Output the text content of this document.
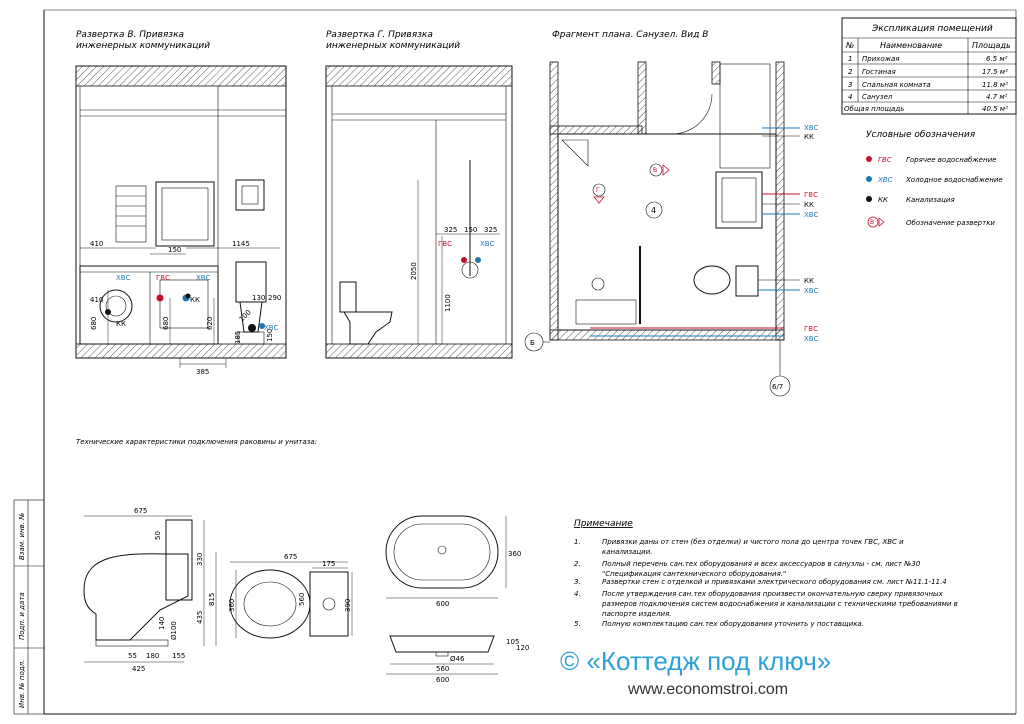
Взам. инв. №
Подп. и дата
Инв. № подл.
Развертка В. Привязка
инженерных коммуникаций
Развертка Г. Привязка
инженерных коммуникаций
Фрагмент плана. Санузел. Вид В
410
150
1145
410
680	680	620
130 290
100
185	150
385
ХВС	ГВС	ХВС
КК
КК
ХВС
325 150 325
2050
1100
ГВС	ХВС
ХВС
КК
ГВС
КК
ХВС
КК
ХВС
ГВС
ХВС
4
В
Г
Б
6/7
Экспликация помещений
№	Наименование	Площадь
1 Прихожая	6.5 м²
2 Гостиная	17.5 м²
3 Спальная комната	11.8 м²
4 Санузел	4.7 м²
Общая площадь	40.5 м²
Условные обозначения
ГВС Горячее водоснабжение
ХВС Холодное водоснабжение
КК	Канализация
В	Обозначение развертки
Технические характеристики подключения раковины и унитаза:
675
50
330
815
435
140 Ø100
55 180 155
425
675
175
360	390
560	600
360
105
120
Ø46
560
600
Примечание
1.	Привязки даны от стен (без отделки) и чистого пола до центра точек ГВС, ХВС и
канализации.
2.	Полный перечень сан.тех оборудования и всех аксессуаров в санузлы - см. лист №30
"Спецификация сантехнического оборудования."
3.	Развертки стен с отделкой и привязками электрического оборудования см. лист №11.1-11.4
4.	После утверждения сан.тех оборудования произвести окончательную сверку привязочных
размеров подключения систем водоснабжения и канализации с техническими требованиями в
паспорте изделия.
5.	Полную комплектацию сан.тех оборудования уточнить у поставщика.
© «Коттедж под ключ»
www.economstroi.com
